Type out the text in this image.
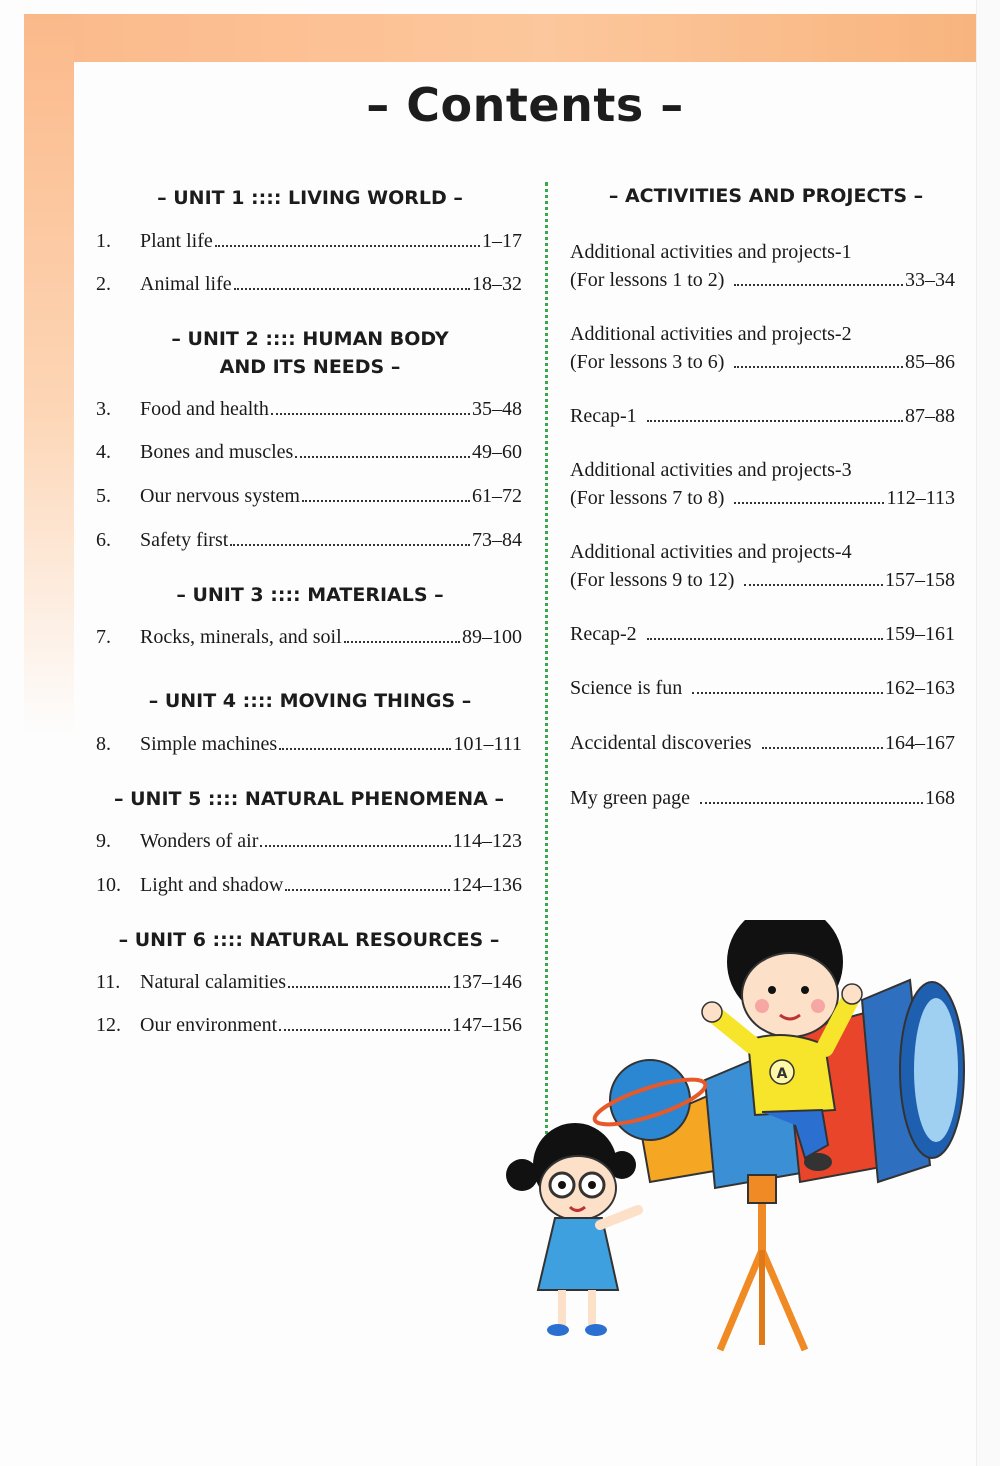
– Contents –
– UNIT 1 :::: LIVING WORLD –
1.	Plant life	1–17
2.	Animal life	18–32
– UNIT 2 :::: HUMAN BODY
AND ITS NEEDS –
3.	Food and health	35–48
4.	Bones and muscles	49–60
5.	Our nervous system	61–72
6.	Safety first	73–84
– UNIT 3 :::: MATERIALS –
7.	Rocks, minerals, and soil	89–100
– UNIT 4 :::: MOVING THINGS –
8.	Simple machines	101–111
– UNIT 5 :::: NATURAL PHENOMENA –
9.	Wonders of air	114–123
10. Light and shadow	124–136
– UNIT 6 :::: NATURAL RESOURCES –
11. Natural calamities	137–146
12. Our environment	147–156
– ACTIVITIES AND PROJECTS –
Additional activities and projects-1
(For lessons 1 to 2)	33–34
Additional activities and projects-2
(For lessons 3 to 6)	85–86
Recap-1	87–88
Additional activities and projects-3
(For lessons 7 to 8)	112–113
Additional activities and projects-4
(For lessons 9 to 12)	157–158
Recap-2	159–161
Science is fun	162–163
Accidental discoveries	164–167
My green page	168
A
